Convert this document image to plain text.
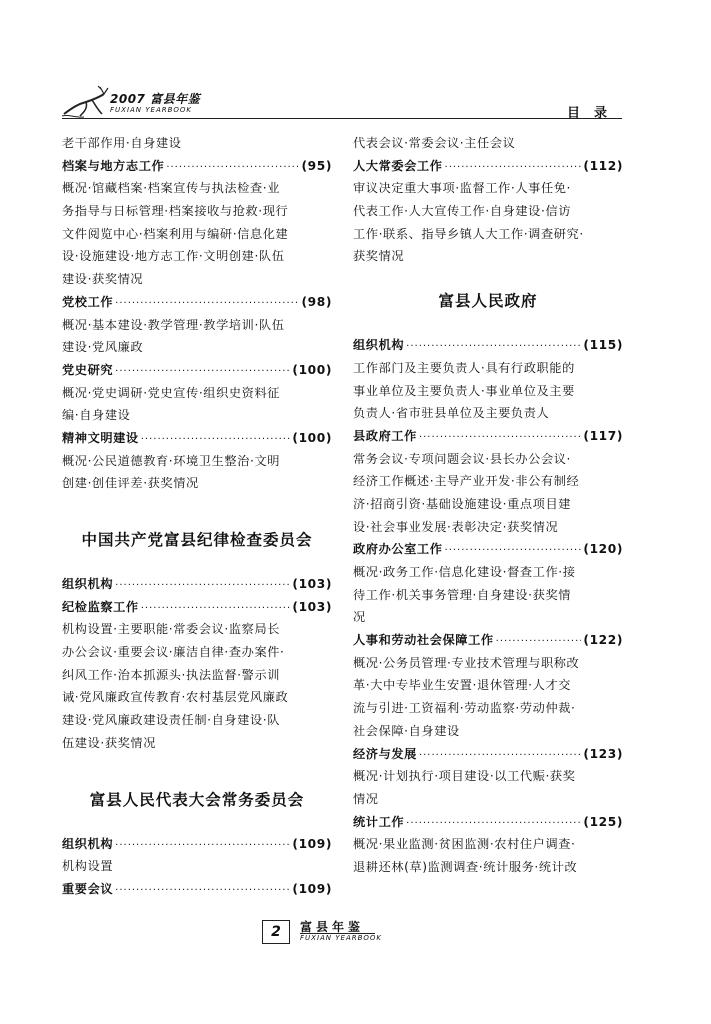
2007 富县年鉴
FUXIAN YEARBOOK	目录
老干部作用·自身建设
档案与地方志工作 ·····	(95)
概况·馆藏档案·档案宣传与执法检查·业
务指导与日标管理·档案接收与抢救·现行
文件阅览中心·档案利用与编研·信息化建
设·设施建设·地方志工作·文明创建·队伍
建设·获奖情况
党校工作 ·····	(98)
概况·基本建设·教学管理·教学培训·队伍
建设·党风廉政
党史研究 ·····	(100)
概况·党史调研·党史宣传·组织史资料征
编·自身建设
精神文明建设 ·····	(100)
概况·公民道德教育·环境卫生整治·文明
创建·创佳评差·获奖情况
中国共产党富县纪律检查委员会
组织机构 ·····	(103)
纪检监察工作 ·····	(103)
机构设置·主要职能·常委会议·监察局长
办公会议·重要会议·廉洁自律·查办案件·
纠风工作·治本抓源头·执法监督·警示训
诫·党风廉政宣传教育·农村基层党风廉政
建设·党风廉政建设责任制·自身建设·队
伍建设·获奖情况
富县人民代表大会常务委员会
组织机构 ·····	(109)
机构设置
重要会议 ·····	(109)
代表会议·常委会议·主任会议
人大常委会工作 ·····	(112)
审议决定重大事项·监督工作·人事任免·
代表工作·人大宣传工作·自身建设·信访
工作·联系、指导乡镇人大工作·调查研究·
获奖情况
富县人民政府
组织机构 ·····	(115)
工作部门及主要负责人·具有行政职能的
事业单位及主要负责人·事业单位及主要
负责人·省市驻县单位及主要负责人
县政府工作 ·····	(117)
常务会议·专项问题会议·县长办公会议·
经济工作概述·主导产业开发·非公有制经
济·招商引资·基础设施建设·重点项目建
设·社会事业发展·表彰决定·获奖情况
政府办公室工作 ·····	(120)
概况·政务工作·信息化建设·督查工作·接
待工作·机关事务管理·自身建设·获奖情
况
人事和劳动社会保障工作 ·····	(122)
概况·公务员管理·专业技术管理与职称改
革·大中专毕业生安置·退休管理·人才交
流与引进·工资福利·劳动监察·劳动仲裁·
社会保障·自身建设
经济与发展 ·····	(123)
概况·计划执行·项目建设·以工代赈·获奖
情况
统计工作 ·····	(125)
概况·果业监测·贫困监测·农村住户调查·
退耕还林(草)监测调查·统计服务·统计改
2	富县年鉴
FUXIAN YEARBOOK
